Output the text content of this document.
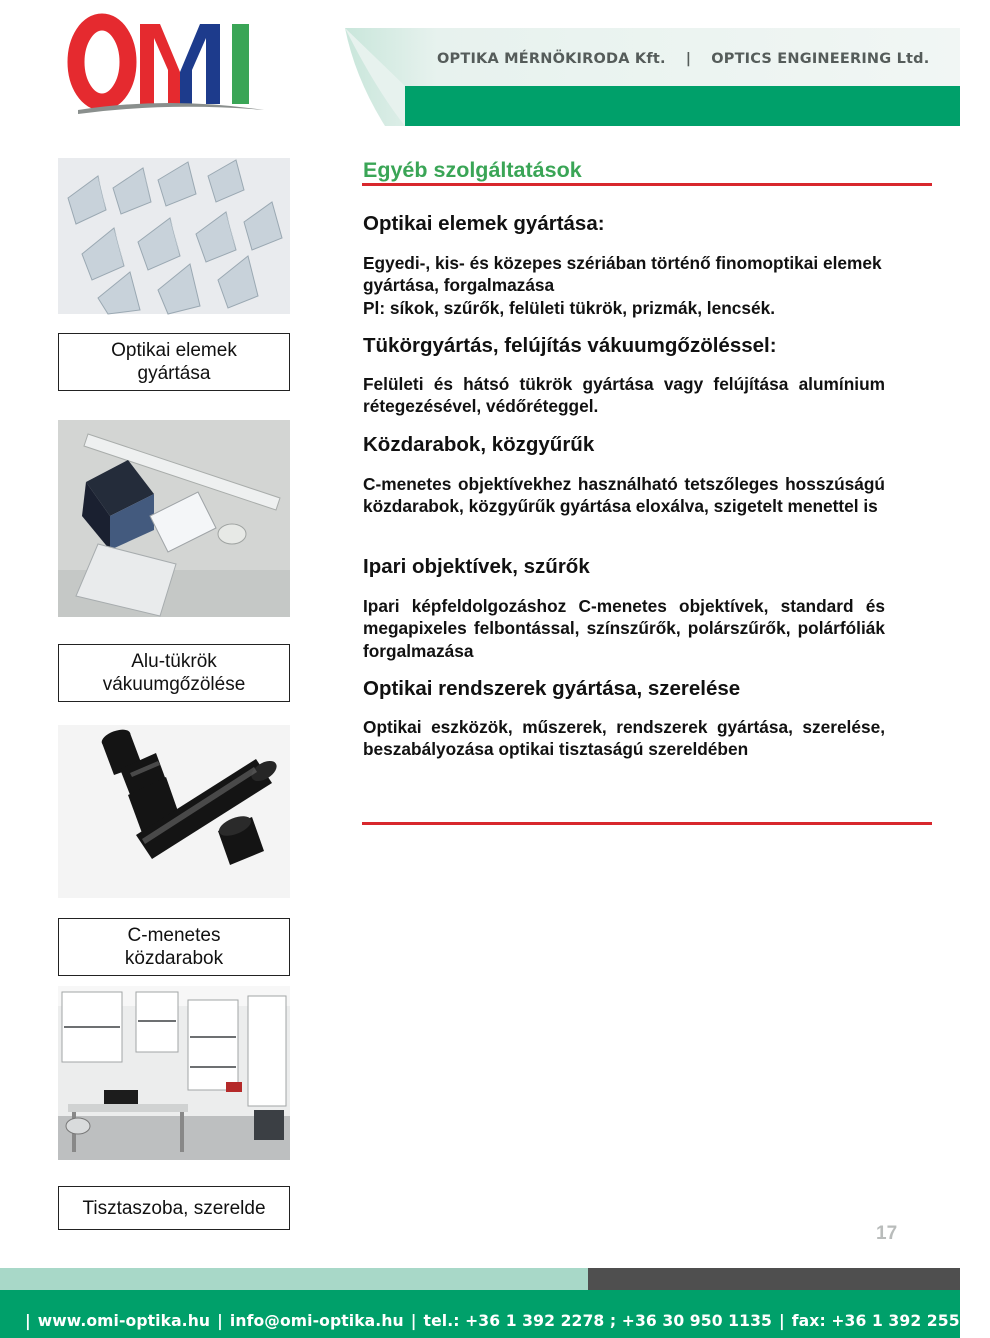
OPTIKA MÉRNÖKIRODA Kft. | OPTICS ENGINEERING Ltd.
Optikai elemek
gyártása
Alu-tükrök
vákuumgőzölése
C-menetes
közdarabok
Tisztaszoba, szerelde
Egyéb szolgáltatások
Optikai elemek gyártása:
Egyedi-, kis- és közepes szériában történő finomoptikai elemek gyártása, forgalmazása
Pl: síkok, szűrők, felületi tükrök, prizmák, lencsék.
Tükörgyártás, felújítás vákuumgőzöléssel:
Felületi és hátsó tükrök gyártása vagy felújítása alumínium rétegezésével, védőréteggel.
Közdarabok, közgyűrűk
C-menetes objektívekhez használható tetszőleges hosszúságú közdarabok, közgyűrűk gyártása eloxálva, szigetelt menettel is
Ipari objektívek, szűrők
Ipari képfeldolgozáshoz C-menetes objektívek, standard és megapixeles felbontással, színszűrők, polárszűrők, polárfóliák forgalmazása
Optikai rendszerek gyártása, szerelése
Optikai eszközök, műszerek, rendszerek gyártása, szerelése, beszabályozása optikai tisztaságú szereldében
17
| www.omi-optika.hu | info@omi-optika.hu | tel.: +36 1 392 2278 ; +36 30 950 1135 | fax: +36 1 392 2555 |
